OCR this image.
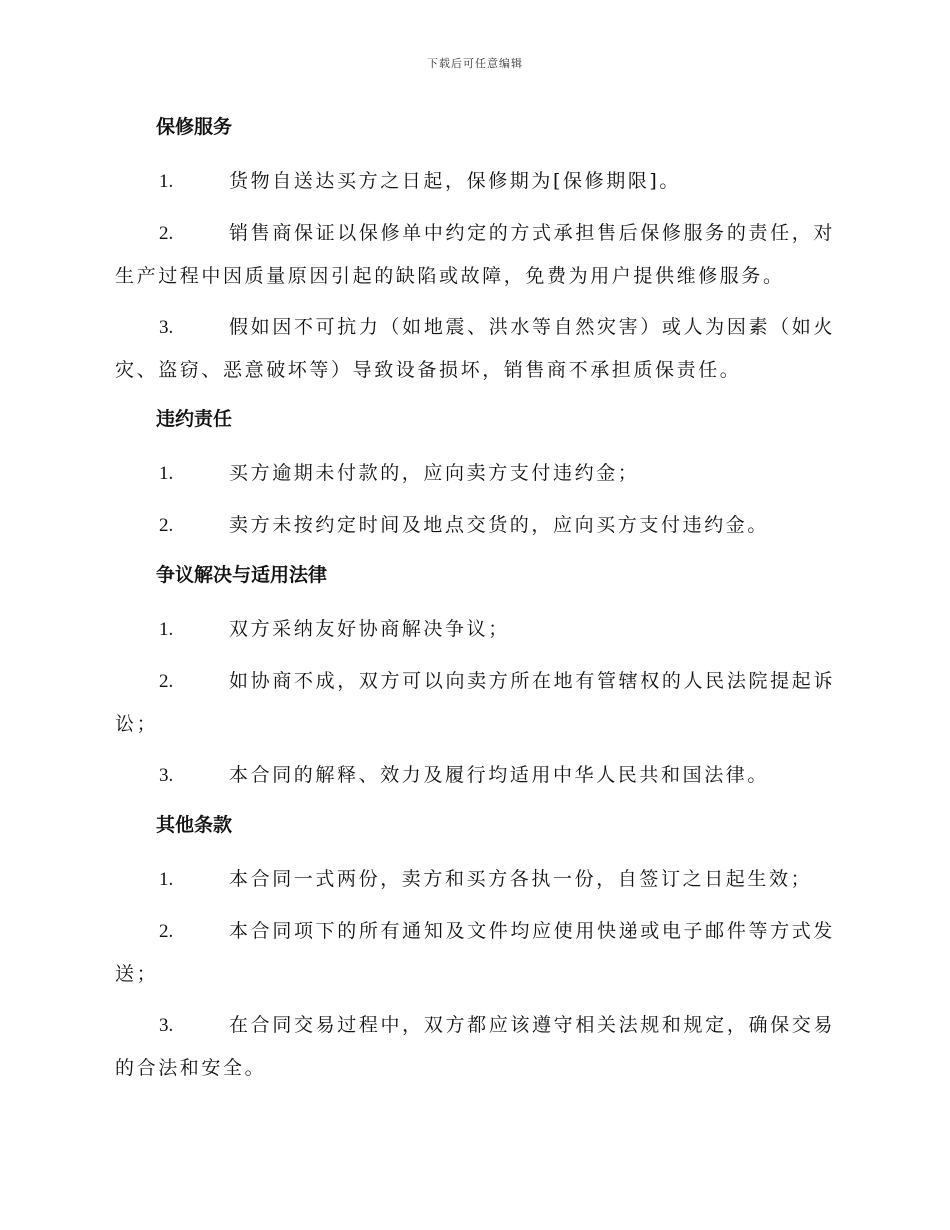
下载后可任意编辑
保修服务
1.	货物自送达买方之日起，保修期为[保修期限]。
2.	销售商保证以保修单中约定的方式承担售后保修服务的责任，对生产过程中因质量原因引起的缺陷或故障，免费为用户提供维修服务。
3.	假如因不可抗力（如地震、洪水等自然灾害）或人为因素（如火灾、盗窃、恶意破坏等）导致设备损坏，销售商不承担质保责任。
违约责任
1.	买方逾期未付款的，应向卖方支付违约金；
2.	卖方未按约定时间及地点交货的，应向买方支付违约金。
争议解决与适用法律
1.	双方采纳友好协商解决争议；
2.	如协商不成，双方可以向卖方所在地有管辖权的人民法院提起诉讼；
3.	本合同的解释、效力及履行均适用中华人民共和国法律。
其他条款
1.	本合同一式两份，卖方和买方各执一份，自签订之日起生效；
2.	本合同项下的所有通知及文件均应使用快递或电子邮件等方式发送；
3.	在合同交易过程中，双方都应该遵守相关法规和规定，确保交易的合法和安全。
